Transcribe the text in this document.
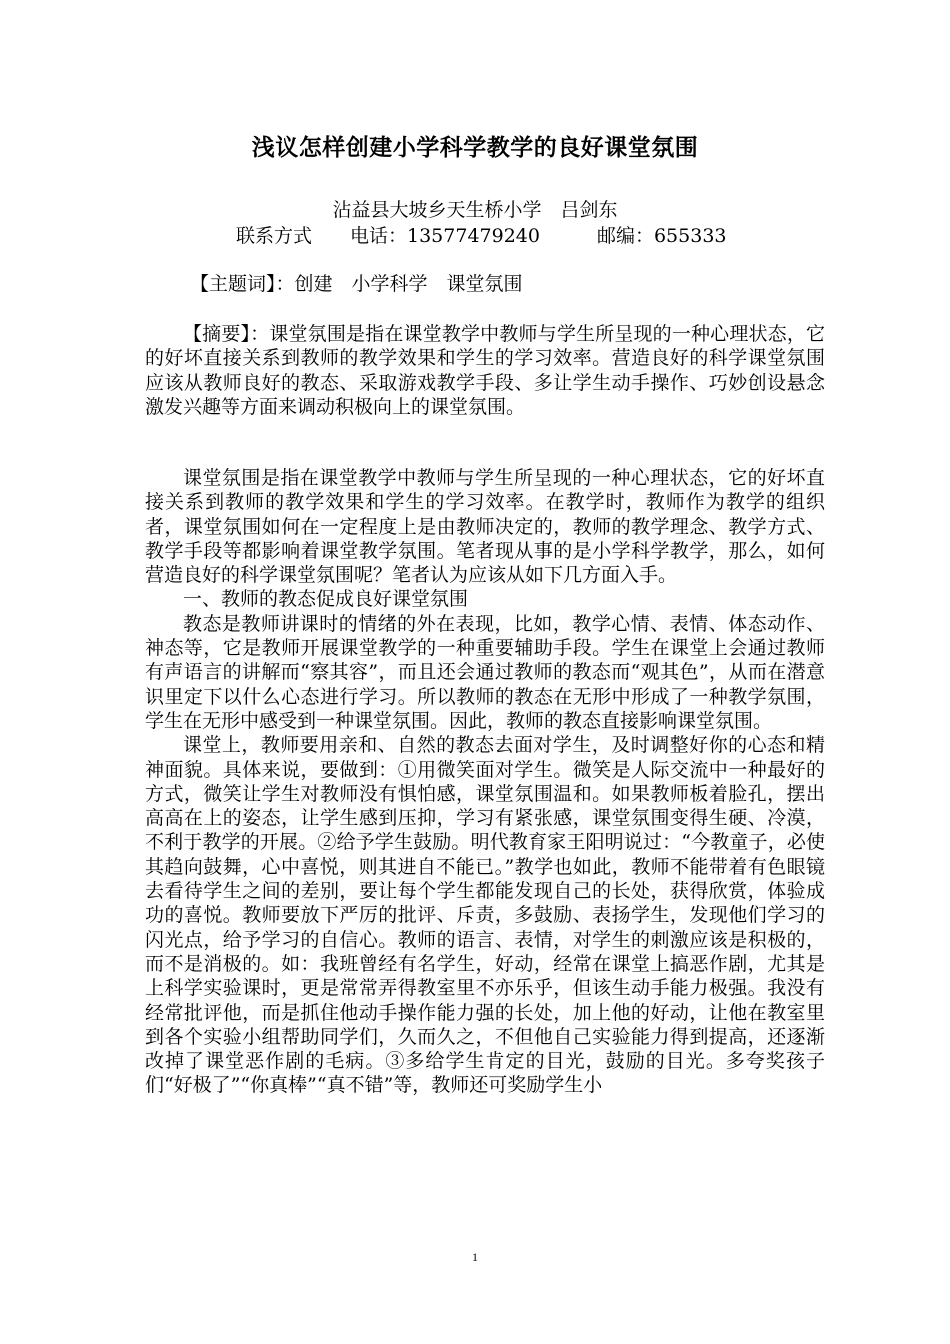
浅议怎样创建小学科学教学的良好课堂氛围
沾益县大坡乡天生桥小学　吕剑东
联系方式　　电话：13577479240　　　邮编：655333
【主题词】：创建　小学科学　课堂氛围

【摘要】：课堂氛围是指在课堂教学中教师与学生所呈现的一种心理状态，它的好坏直接关系到教师的教学效果和学生的学习效率。营造良好的科学课堂氛围应该从教师良好的教态、采取游戏教学手段、多让学生动手操作、巧妙创设悬念激发兴趣等方面来调动积极向上的课堂氛围。

课堂氛围是指在课堂教学中教师与学生所呈现的一种心理状态，它的好坏直接关系到教师的教学效果和学生的学习效率。在教学时，教师作为教学的组织者，课堂氛围如何在一定程度上是由教师决定的，教师的教学理念、教学方式、教学手段等都影响着课堂教学氛围。笔者现从事的是小学科学教学，那么，如何营造良好的科学课堂氛围呢？笔者认为应该从如下几方面入手。

一、教师的教态促成良好课堂氛围

教态是教师讲课时的情绪的外在表现，比如，教学心情、表情、体态动作、神态等，它是教师开展课堂教学的一种重要辅助手段。学生在课堂上会通过教师有声语言的讲解而“察其容”，而且还会通过教师的教态而“观其色”，从而在潜意识里定下以什么心态进行学习。所以教师的教态在无形中形成了一种教学氛围，学生在无形中感受到一种课堂氛围。因此，教师的教态直接影响课堂氛围。

课堂上，教师要用亲和、自然的教态去面对学生，及时调整好你的心态和精神面貌。具体来说，要做到：①用微笑面对学生。微笑是人际交流中一种最好的方式，微笑让学生对教师没有惧怕感，课堂氛围温和。如果教师板着脸孔，摆出高高在上的姿态，让学生感到压抑，学习有紧张感，课堂氛围变得生硬、冷漠，不利于教学的开展。②给予学生鼓励。明代教育家王阳明说过：“今教童子，必使其趋向鼓舞，心中喜悦，则其进自不能已。”教学也如此，教师不能带着有色眼镜去看待学生之间的差别，要让每个学生都能发现自己的长处，获得欣赏，体验成功的喜悦。教师要放下严厉的批评、斥责，多鼓励、表扬学生，发现他们学习的闪光点，给予学习的自信心。教师的语言、表情，对学生的刺激应该是积极的，而不是消极的。如：我班曾经有名学生，好动，经常在课堂上搞恶作剧，尤其是上科学实验课时，更是常常弄得教室里不亦乐乎，但该生动手能力极强。我没有经常批评他，而是抓住他动手操作能力强的长处，加上他的好动，让他在教室里到各个实验小组帮助同学们，久而久之，不但他自己实验能力得到提高，还逐渐改掉了课堂恶作剧的毛病。③多给学生肯定的目光，鼓励的目光。多夸奖孩子们“好极了”“你真棒”“真不错”等，教师还可奖励学生小

1
